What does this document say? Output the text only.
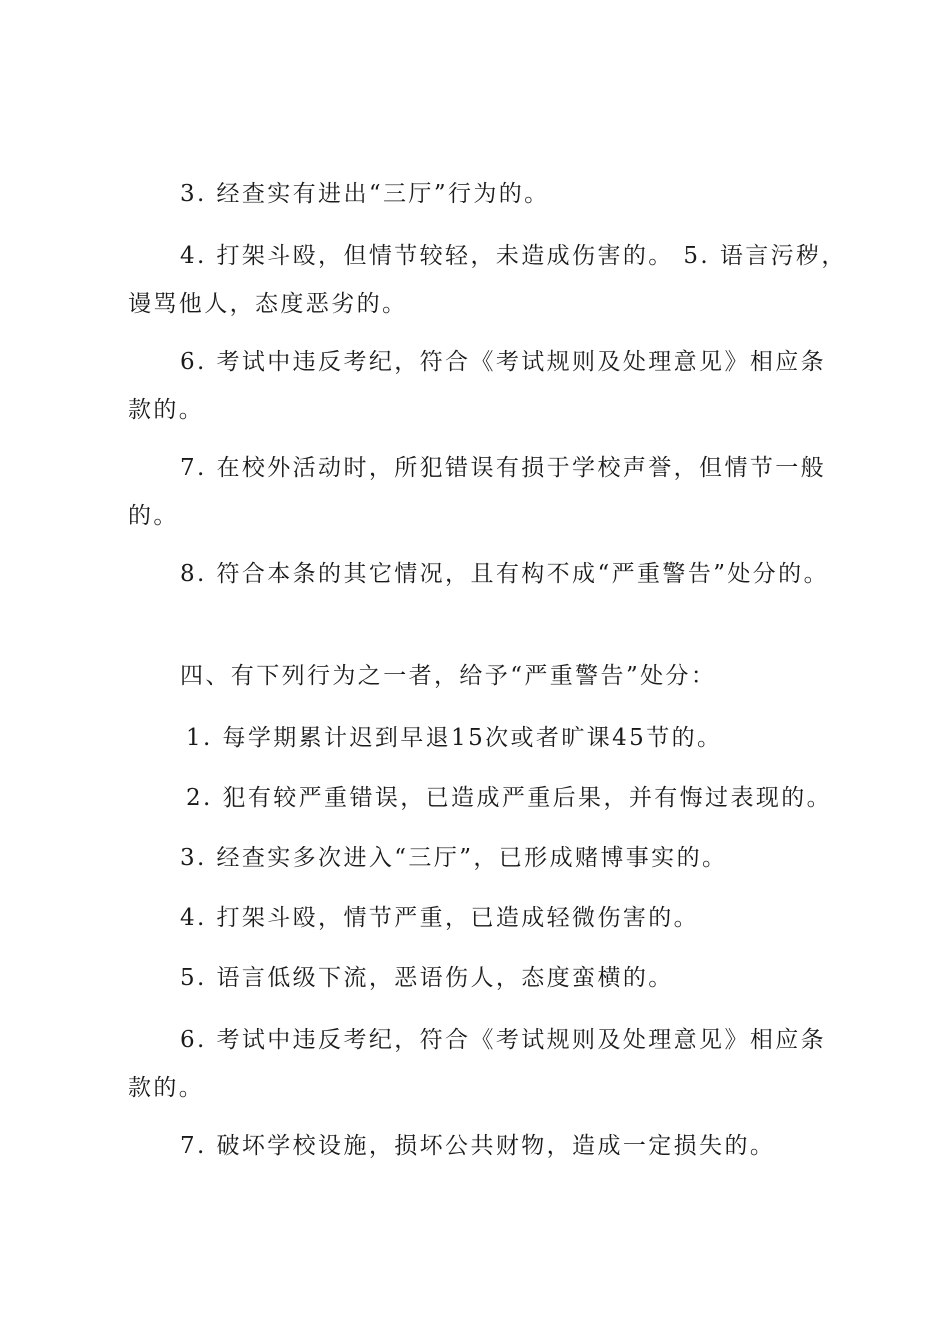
3. 经查实有进出“三厅”行为的。

4. 打架斗殴，但情节较轻，未造成伤害的。 5. 语言污秽，谩骂他人，态度恶劣的。

6. 考试中违反考纪，符合《考试规则及处理意见》相应条款的。

7. 在校外活动时，所犯错误有损于学校声誉，但情节一般的。

8. 符合本条的其它情况，且有构不成“严重警告”处分的。

四、有下列行为之一者，给予“严重警告”处分：

1. 每学期累计迟到早退15次或者旷课45节的。

2. 犯有较严重错误，已造成严重后果，并有悔过表现的。

3. 经查实多次进入“三厅”，已形成赌博事实的。

4. 打架斗殴，情节严重，已造成轻微伤害的。

5. 语言低级下流，恶语伤人，态度蛮横的。

6. 考试中违反考纪，符合《考试规则及处理意见》相应条款的。

7. 破坏学校设施，损坏公共财物，造成一定损失的。
